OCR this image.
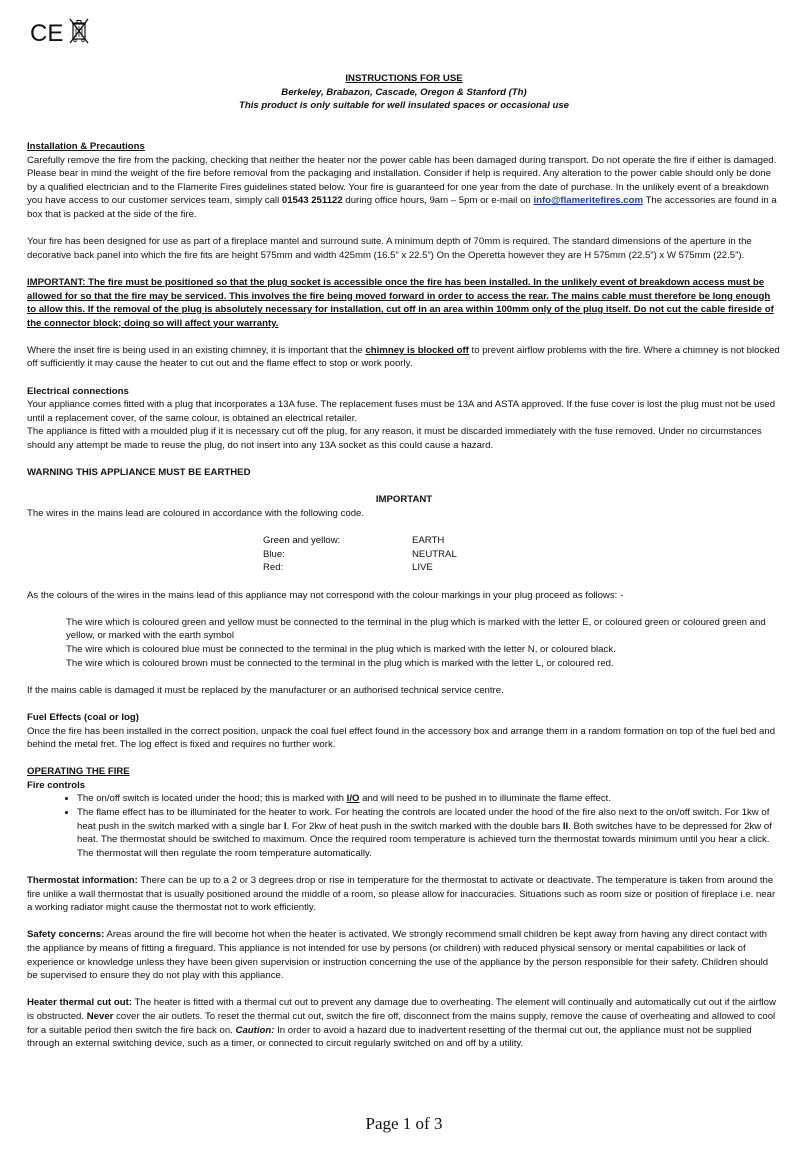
CE

INSTRUCTIONS FOR USE

Berkeley, Brabazon, Cascade, Oregon & Stanford (Th)

This product is only suitable for well insulated spaces or occasional use

Installation & Precautions

Carefully remove the fire from the packing, checking that neither the heater nor the power cable has been damaged during transport. Do not operate the fire if either is damaged. Please bear in mind the weight of the fire before removal from the packaging and installation. Consider if help is required. Any alteration to the power cable should only be done by a qualified electrician and to the Flamerite Fires guidelines stated below. Your fire is guaranteed for one year from the date of purchase. In the unlikely event of a breakdown you have access to our customer services team, simply call 01543 251122 during office hours, 9am – 5pm or e-mail on info@flameritefires.com The accessories are found in a box that is packed at the side of the fire.

Your fire has been designed for use as part of a fireplace mantel and surround suite. A minimum depth of 70mm is required. The standard dimensions of the aperture in the decorative back panel into which the fire fits are height 575mm and width 425mm (16.5” x 22.5”) On the Operetta however they are H 575mm (22.5”) x W 575mm (22.5”).

IMPORTANT: The fire must be positioned so that the plug socket is accessible once the fire has been installed. In the unlikely event of breakdown access must be allowed for so that the fire may be serviced. This involves the fire being moved forward in order to access the rear. The mains cable must therefore be long enough to allow this. If the removal of the plug is absolutely necessary for installation, cut off in an area within 100mm only of the plug itself. Do not cut the cable fireside of the connector block; doing so will affect your warranty.

Where the inset fire is being used in an existing chimney, it is important that the chimney is blocked off to prevent airflow problems with the fire. Where a chimney is not blocked off sufficiently it may cause the heater to cut out and the flame effect to stop or work poorly.

Electrical connections

Your appliance comes fitted with a plug that incorporates a 13A fuse. The replacement fuses must be 13A and ASTA approved. If the fuse cover is lost the plug must not be used until a replacement cover, of the same colour, is obtained an electrical retailer.

The appliance is fitted with a moulded plug if it is necessary cut off the plug, for any reason, it must be discarded immediately with the fuse removed. Under no circumstances should any attempt be made to reuse the plug, do not insert into any 13A socket as this could cause a hazard.

WARNING THIS APPLIANCE MUST BE EARTHED

IMPORTANT

The wires in the mains lead are coloured in accordance with the following code.

Green and yellow:	EARTH
Blue:	NEUTRAL
Red:	LIVE

As the colours of the wires in the mains lead of this appliance may not correspond with the colour markings in your plug proceed as follows: -

The wire which is coloured green and yellow must be connected to the terminal in the plug which is marked with the letter E, or coloured green or coloured green and yellow, or marked with the earth symbol

The wire which is coloured blue must be connected to the terminal in the plug which is marked with the letter N, or coloured black.

The wire which is coloured brown must be connected to the terminal in the plug which is marked with the letter L, or coloured red.

If the mains cable is damaged it must be replaced by the manufacturer or an authorised technical service centre.

Fuel Effects (coal or log)

Once the fire has been installed in the correct position, unpack the coal fuel effect found in the accessory box and arrange them in a random formation on top of the fuel bed and behind the metal fret. The log effect is fixed and requires no further work.

OPERATING THE FIRE

Fire controls

• The on/off switch is located under the hood; this is marked with I/O and will need to be pushed in to illuminate the flame effect.
• The flame effect has to be illuminated for the heater to work. For heating the controls are located under the hood of the fire also next to the on/off switch. For 1kw of heat push in the switch marked with a single bar I. For 2kw of heat push in the switch marked with the double bars II. Both switches have to be depressed for 2kw of heat. The thermostat should be switched to maximum. Once the required room temperature is achieved turn the thermostat towards minimum until you hear a click. The thermostat will then regulate the room temperature automatically.

Thermostat information: There can be up to a 2 or 3 degrees drop or rise in temperature for the thermostat to activate or deactivate. The temperature is taken from around the fire unlike a wall thermostat that is usually positioned around the middle of a room, so please allow for inaccuracies. Situations such as room size or position of fireplace i.e. near a working radiator might cause the thermostat not to work efficiently.

Safety concerns: Areas around the fire will become hot when the heater is activated. We strongly recommend small children be kept away from having any direct contact with the appliance by means of fitting a fireguard. This appliance is not intended for use by persons (or children) with reduced physical sensory or mental capabilities or lack of experience or knowledge unless they have been given supervision or instruction concerning the use of the appliance by the person responsible for their safety. Children should be supervised to ensure they do not play with this appliance.

Heater thermal cut out: The heater is fitted with a thermal cut out to prevent any damage due to overheating. The element will continually and automatically cut out if the airflow is obstructed. Never cover the air outlets. To reset the thermal cut out, switch the fire off, disconnect from the mains supply, remove the cause of overheating and allowed to cool for a suitable period then switch the fire back on. Caution: In order to avoid a hazard due to inadvertent resetting of the thermal cut out, the appliance must not be supplied through an external switching device, such as a timer, or connected to circuit regularly switched on and off by a utility.

Page 1 of 3
